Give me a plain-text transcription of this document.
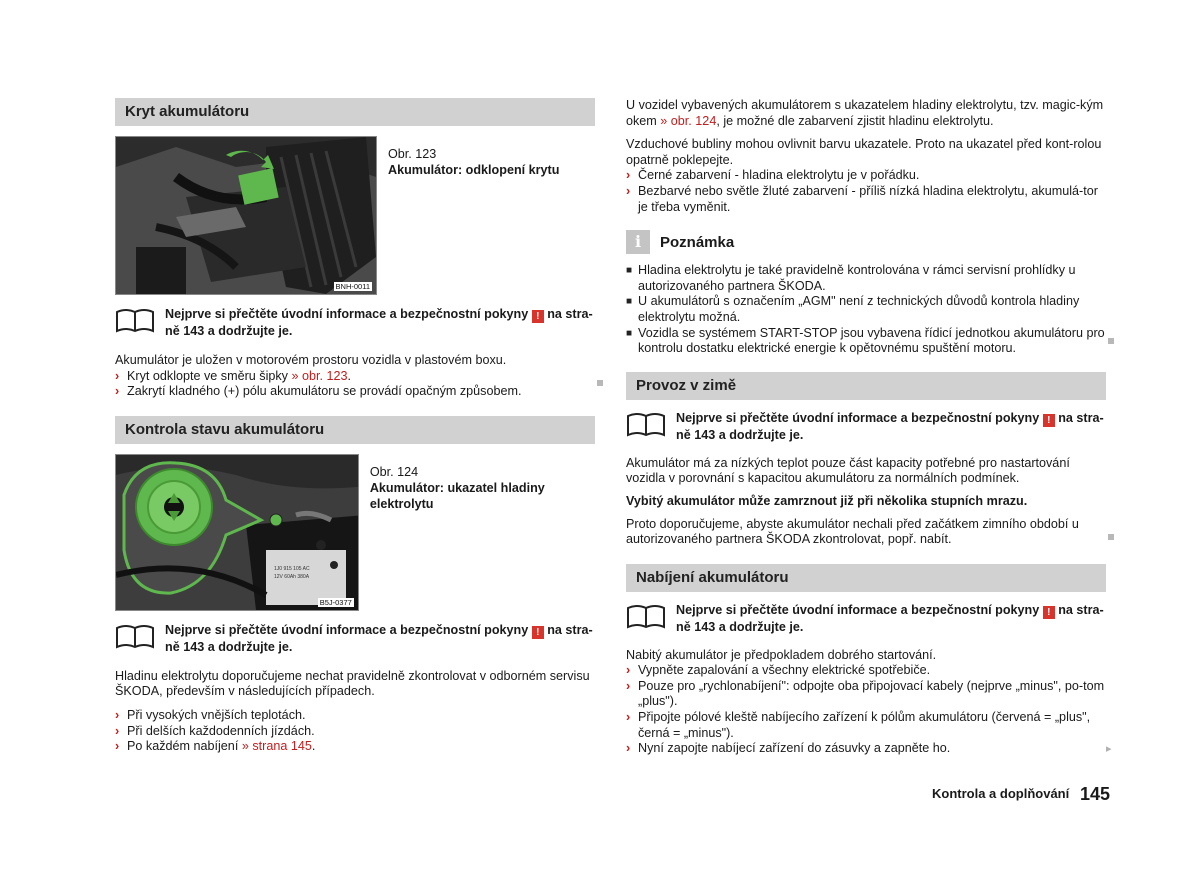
Kryt akumulátoru
BNH-0011
Obr. 123
Akumulátor: odklopení krytu
Nejprve si přečtěte úvodní informace a bezpečnostní pokyny ! na stra-ně 143 a dodržujte je.

Akumulátor je uložen v motorovém prostoru vozidla v plastovém boxu.

› Kryt odklopte ve směru šipky » obr. 123.
› Zakrytí kladného (+) pólu akumulátoru se provádí opačným způsobem.
Kontrola stavu akumulátoru
1J0 915 105 AC
12V 60Ah 380A
B5J-0377
Obr. 124
Akumulátor: ukazatel hladiny elektrolytu
Nejprve si přečtěte úvodní informace a bezpečnostní pokyny ! na stra-ně 143 a dodržujte je.

Hladinu elektrolytu doporučujeme nechat pravidelně zkontrolovat v odborném servisu ŠKODA, především v následujících případech.

› Při vysokých vnějších teplotách.
› Při delších každodenních jízdách.
› Po každém nabíjení » strana 145.

U vozidel vybavených akumulátorem s ukazatelem hladiny elektrolytu, tzv. magic-kým okem » obr. 124, je možné dle zabarvení zjistit hladinu elektrolytu.

Vzduchové bubliny mohou ovlivnit barvu ukazatele. Proto na ukazatel před kont-rolou opatrně poklepejte.

› Černé zabarvení - hladina elektrolytu je v pořádku.
› Bezbarvé nebo světle žluté zabarvení - příliš nízká hladina elektrolytu, akumulá-tor je třeba vyměnit.
i	Poznámka
■ Hladina elektrolytu je také pravidelně kontrolována v rámci servisní prohlídky u autorizovaného partnera ŠKODA.
■ U akumulátorů s označením „AGM" není z technických důvodů kontrola hladiny elektrolytu možná.
■ Vozidla se systémem START-STOP jsou vybavena řídicí jednotkou akumulátoru pro kontrolu dostatku elektrické energie k opětovnému spuštění motoru.
Provoz v zimě
Nejprve si přečtěte úvodní informace a bezpečnostní pokyny ! na stra-ně 143 a dodržujte je.

Akumulátor má za nízkých teplot pouze část kapacity potřebné pro nastartování vozidla v porovnání s kapacitou akumulátoru za normálních podmínek.

Vybitý akumulátor může zamrznout již při několika stupních mrazu.

Proto doporučujeme, abyste akumulátor nechali před začátkem zimního období u autorizovaného partnera ŠKODA zkontrolovat, popř. nabít.

Nabíjení akumulátoru
Nejprve si přečtěte úvodní informace a bezpečnostní pokyny ! na stra-ně 143 a dodržujte je.

Nabitý akumulátor je předpokladem dobrého startování.

› Vypněte zapalování a všechny elektrické spotřebiče.
› Pouze pro „rychlonabíjení": odpojte oba připojovací kabely (nejprve „minus", po-tom „plus").
› Připojte pólové kleště nabíjecího zařízení k pólům akumulátoru (červená = „plus", černá = „minus").
› Nyní zapojte nabíjecí zařízení do zásuvky a zapněte ho.	▸
Kontrola a doplňování 145
